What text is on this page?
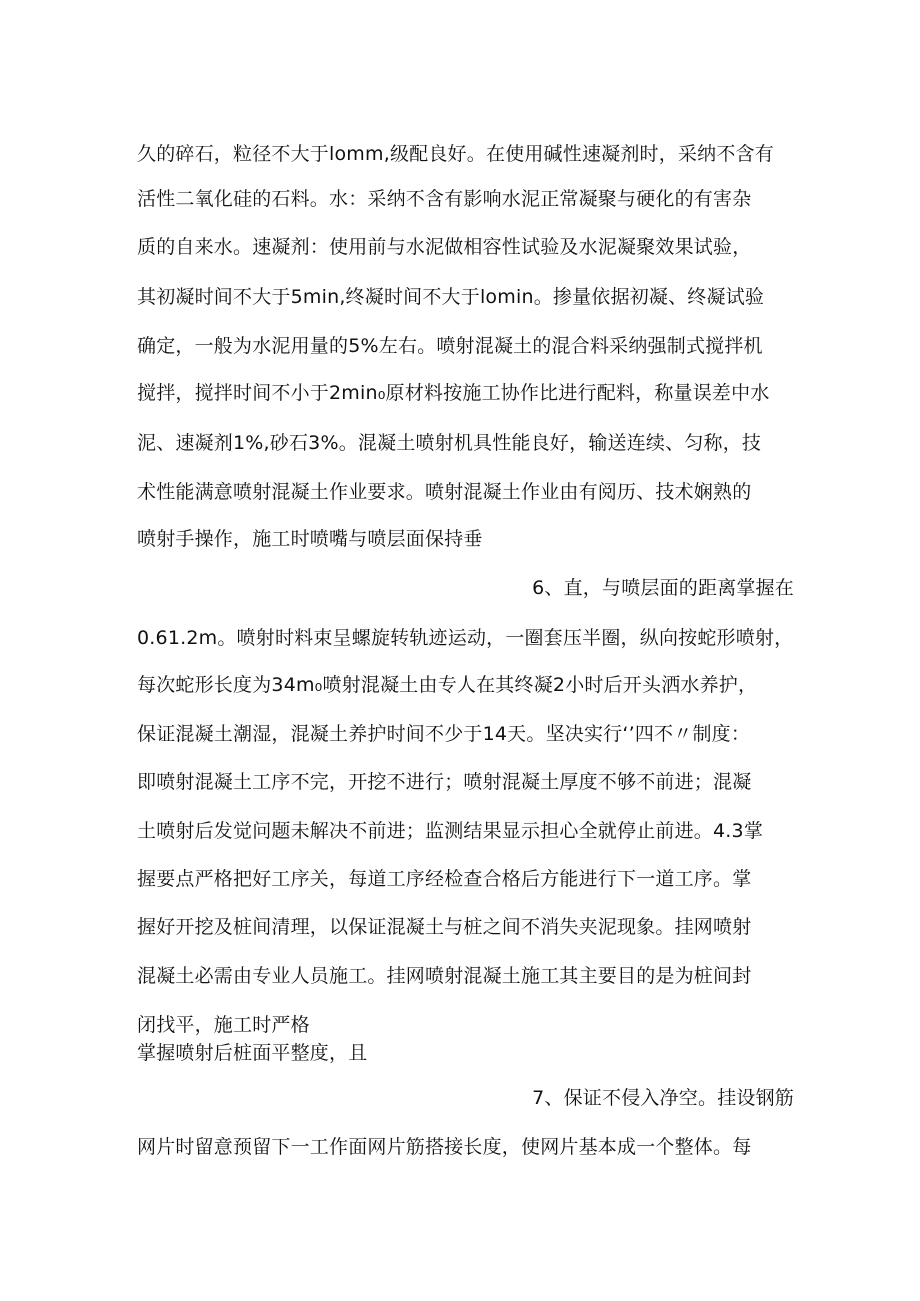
久的碎石，粒径不大于lomm,级配良好。在使用碱性速凝剂时，采纳不含有
活性二氧化硅的石料。水：采纳不含有影响水泥正常凝聚与硬化的有害杂
质的自来水。速凝剂：使用前与水泥做相容性试验及水泥凝聚效果试验，
其初凝时间不大于5min,终凝时间不大于lomin。掺量依据初凝、终凝试验
确定，一般为水泥用量的5%左右。喷射混凝土的混合料采纳强制式搅拌机
搅拌，搅拌时间不小于2min₀原材料按施工协作比进行配料，称量误差中水
泥、速凝剂1%,砂石3%。混凝土喷射机具性能良好，输送连续、匀称，技
术性能满意喷射混凝土作业要求。喷射混凝土作业由有阅历、技术娴熟的
喷射手操作，施工时喷嘴与喷层面保持垂
6、直，与喷层面的距离掌握在
0.61.2m。喷射时料束呈螺旋转轨迹运动，一圈套压半圈，纵向按蛇形喷射，
每次蛇形长度为34m₀喷射混凝土由专人在其终凝2小时后开头洒水养护，
保证混凝土潮湿，混凝土养护时间不少于14天。坚决实行‘’四不〃制度：
即喷射混凝土工序不完，开挖不进行；喷射混凝土厚度不够不前进；混凝
土喷射后发觉问题未解决不前进；监测结果显示担心全就停止前进。4.3掌
握要点严格把好工序关，每道工序经检查合格后方能进行下一道工序。掌
握好开挖及桩间清理，以保证混凝土与桩之间不消失夹泥现象。挂网喷射
混凝土必需由专业人员施工。挂网喷射混凝土施工其主要目的是为桩间封
闭找平，施工时严格
掌握喷射后桩面平整度，且
7、保证不侵入净空。挂设钢筋
网片时留意预留下一工作面网片筋搭接长度，使网片基本成一个整体。每
